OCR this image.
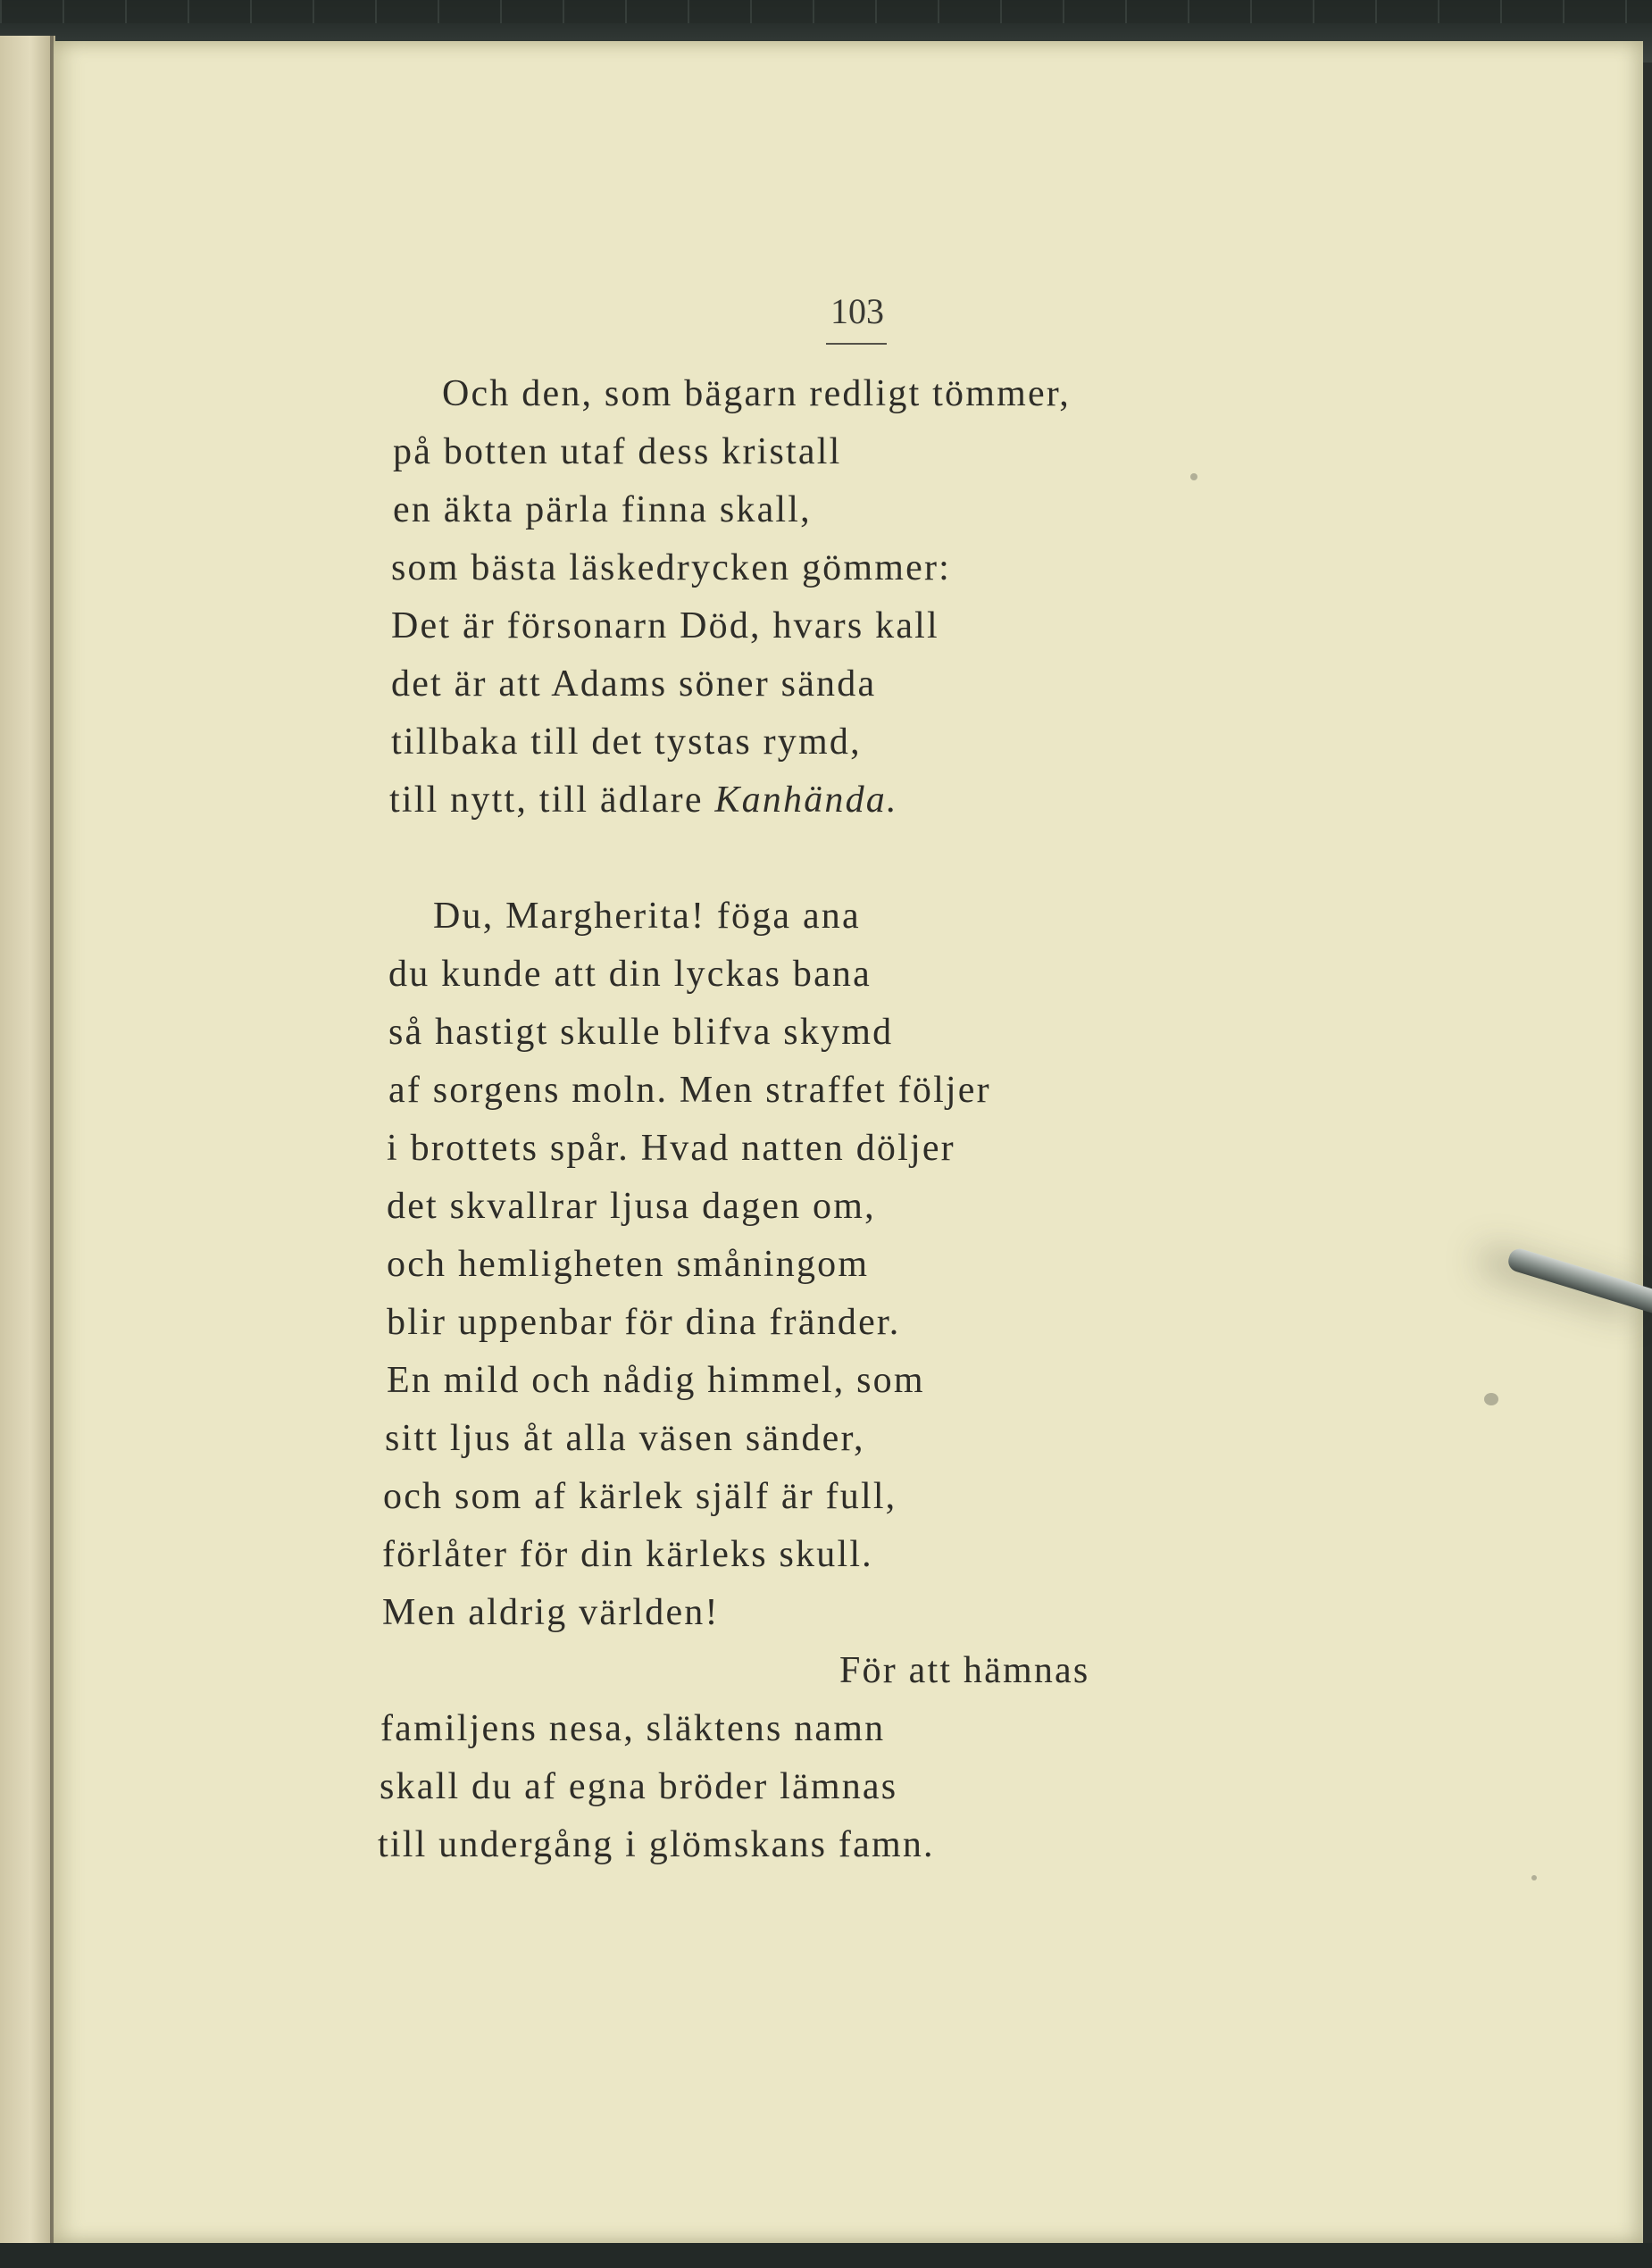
103
Och den, som bägarn redligt tömmer,
på botten utaf dess kristall
en äkta pärla finna skall,
som bästa läskedrycken gömmer:
Det är försonarn Död, hvars kall
det är att Adams söner sända
tillbaka till det tystas rymd,
till nytt, till ädlare Kanhända.
Du, Margherita! föga ana
du kunde att din lyckas bana
så hastigt skulle blifva skymd
af sorgens moln. Men straffet följer
i brottets spår. Hvad natten döljer
det skvallrar ljusa dagen om,
och hemligheten småningom
blir uppenbar för dina fränder.
En mild och nådig himmel, som
sitt ljus åt alla väsen sänder,
och som af kärlek själf är full,
förlåter för din kärleks skull.
Men aldrig världen!
För att hämnas
familjens nesa, släktens namn
skall du af egna bröder lämnas
till undergång i glömskans famn.
